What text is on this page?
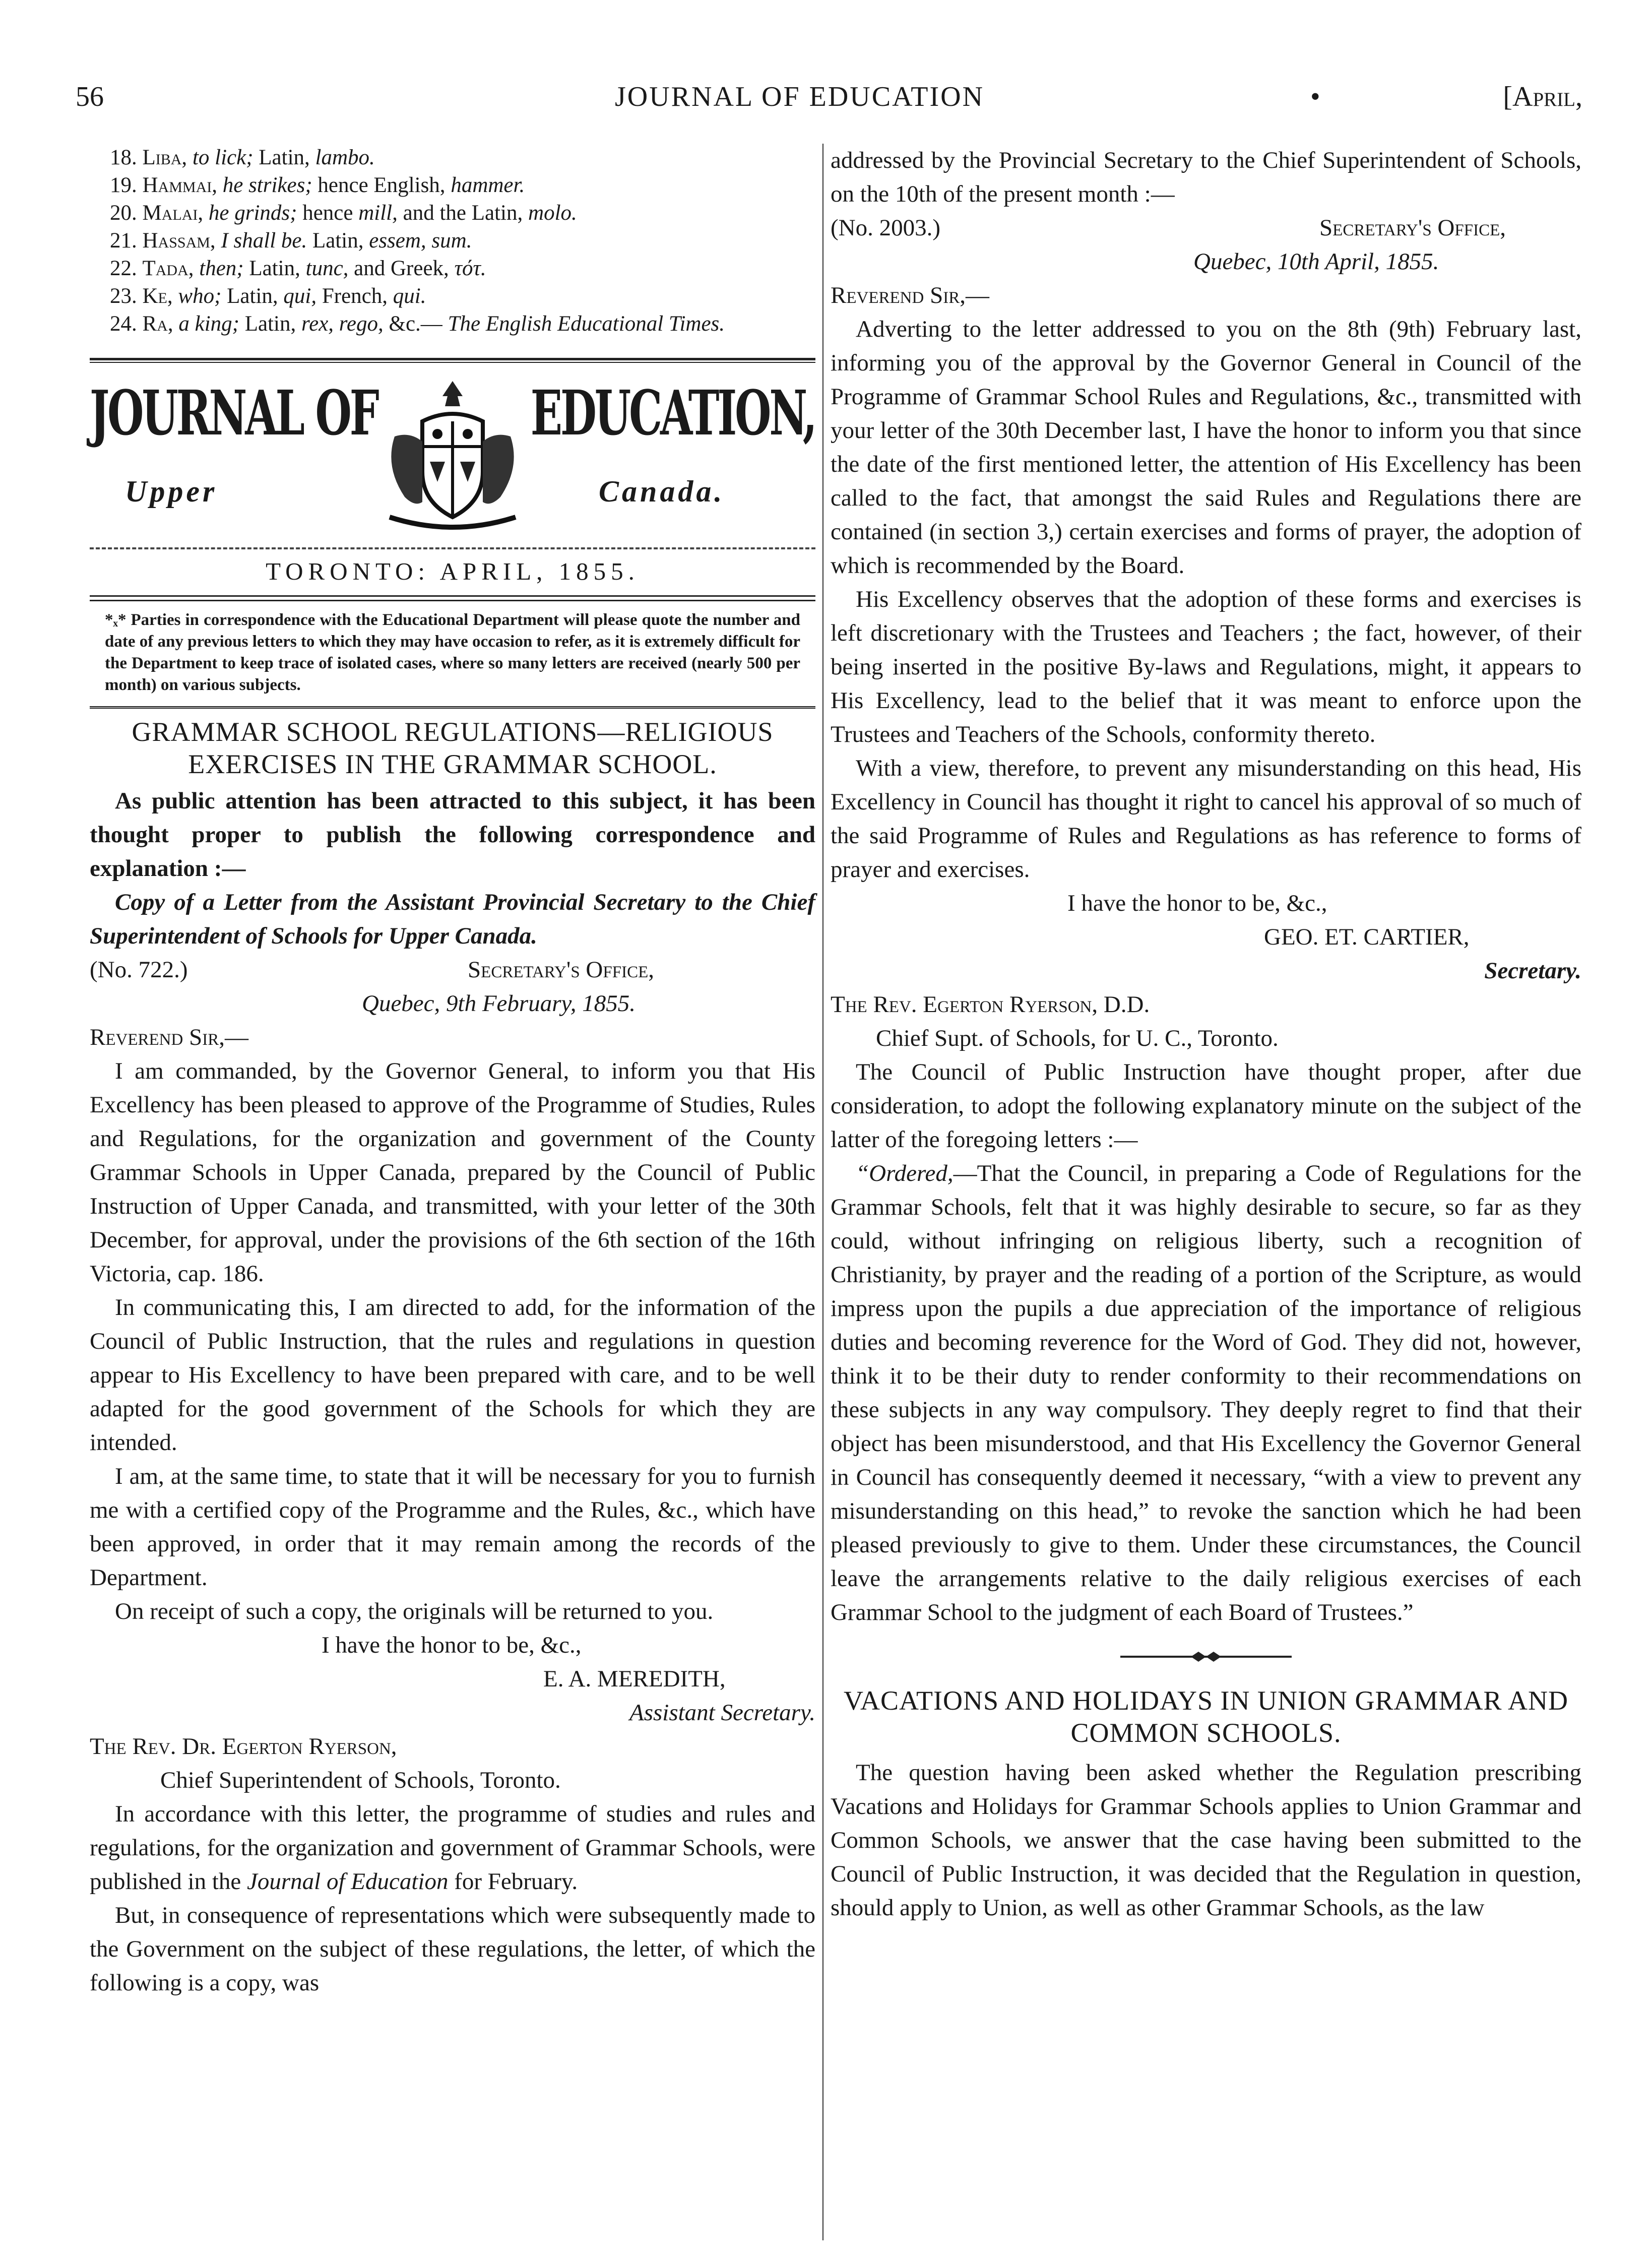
56	JOURNAL OF EDUCATION	•	[April,
18. Liba, to lick; Latin, lambo.
19. Hammai, he strikes; hence English, hammer.
20. Malai, he grinds; hence mill, and the Latin, molo.
21. Hassam, I shall be. Latin, essem, sum.
22. Tada, then; Latin, tunc, and Greek, τότ.
23. Ke, who; Latin, qui, French, qui.
24. Ra, a king; Latin, rex, rego, &c.— The English Educational Times.
JOURNAL OF EDUCATION,
Upper	Canada.
TORONTO: APRIL, 1855.
*ₓ* Parties in correspondence with the Educational Department will please quote the number and date of any previous letters to which they may have occasion to refer, as it is extremely difficult for the Department to keep trace of isolated cases, where so many letters are received (nearly 500 per month) on various subjects.
GRAMMAR SCHOOL REGULATIONS—RELIGIOUS EXERCISES IN THE GRAMMAR SCHOOL.

As public attention has been attracted to this subject, it has been thought proper to publish the following correspondence and explanation :—

Copy of a Letter from the Assistant Provincial Secretary to the Chief Superintendent of Schools for Upper Canada.

(No. 722.)	Secretary's Office,
Quebec, 9th February, 1855.
Reverend Sir,—

I am commanded, by the Governor General, to inform you that His Excellency has been pleased to approve of the Programme of Studies, Rules and Regulations, for the organization and government of the County Grammar Schools in Upper Canada, prepared by the Council of Public Instruction of Upper Canada, and transmitted, with your letter of the 30th December, for approval, under the provisions of the 6th section of the 16th Victoria, cap. 186.

In communicating this, I am directed to add, for the information of the Council of Public Instruction, that the rules and regulations in question appear to His Excellency to have been prepared with care, and to be well adapted for the good government of the Schools for which they are intended.

I am, at the same time, to state that it will be necessary for you to furnish me with a certified copy of the Programme and the Rules, &c., which have been approved, in order that it may remain among the records of the Department.

On receipt of such a copy, the originals will be returned to you.

I have the honor to be, &c.,
E. A. MEREDITH,
Assistant Secretary.
The Rev. Dr. Egerton Ryerson,
Chief Superintendent of Schools, Toronto.

In accordance with this letter, the programme of studies and rules and regulations, for the organization and government of Grammar Schools, were published in the Journal of Education for February.

But, in consequence of representations which were subsequently made to the Government on the subject of these regulations, the letter, of which the following is a copy, was

addressed by the Provincial Secretary to the Chief Superintendent of Schools, on the 10th of the present month :—

(No. 2003.)	Secretary's Office,
Quebec, 10th April, 1855.
Reverend Sir,—

Adverting to the letter addressed to you on the 8th (9th) February last, informing you of the approval by the Governor General in Council of the Programme of Grammar School Rules and Regulations, &c., transmitted with your letter of the 30th December last, I have the honor to inform you that since the date of the first mentioned letter, the attention of His Excellency has been called to the fact, that amongst the said Rules and Regulations there are contained (in section 3,) certain exercises and forms of prayer, the adoption of which is recommended by the Board.

His Excellency observes that the adoption of these forms and exercises is left discretionary with the Trustees and Teachers ; the fact, however, of their being inserted in the positive By-laws and Regulations, might, it appears to His Excellency, lead to the belief that it was meant to enforce upon the Trustees and Teachers of the Schools, conformity thereto.

With a view, therefore, to prevent any misunderstanding on this head, His Excellency in Council has thought it right to cancel his approval of so much of the said Programme of Rules and Regulations as has reference to forms of prayer and exercises.

I have the honor to be, &c.,
GEO. ET. CARTIER,
Secretary.
The Rev. Egerton Ryerson, D.D.
Chief Supt. of Schools, for U. C., Toronto.

The Council of Public Instruction have thought proper, after due consideration, to adopt the following explanatory minute on the subject of the latter of the foregoing letters :—

“Ordered,—That the Council, in preparing a Code of Regulations for the Grammar Schools, felt that it was highly desirable to secure, so far as they could, without infringing on religious liberty, such a recognition of Christianity, by prayer and the reading of a portion of the Scripture, as would impress upon the pupils a due appreciation of the importance of religious duties and becoming reverence for the Word of God. They did not, however, think it to be their duty to render conformity to their recommendations on these subjects in any way compulsory. They deeply regret to find that their object has been misunderstood, and that His Excellency the Governor General in Council has consequently deemed it necessary, “with a view to prevent any misunderstanding on this head,” to revoke the sanction which he had been pleased previously to give to them. Under these circumstances, the Council leave the arrangements relative to the daily religious exercises of each Grammar School to the judgment of each Board of Trustees.”

VACATIONS AND HOLIDAYS IN UNION GRAMMAR AND COMMON SCHOOLS.

The question having been asked whether the Regulation prescribing Vacations and Holidays for Grammar Schools applies to Union Grammar and Common Schools, we answer that the case having been submitted to the Council of Public Instruction, it was decided that the Regulation in question, should apply to Union, as well as other Grammar Schools, as the law
